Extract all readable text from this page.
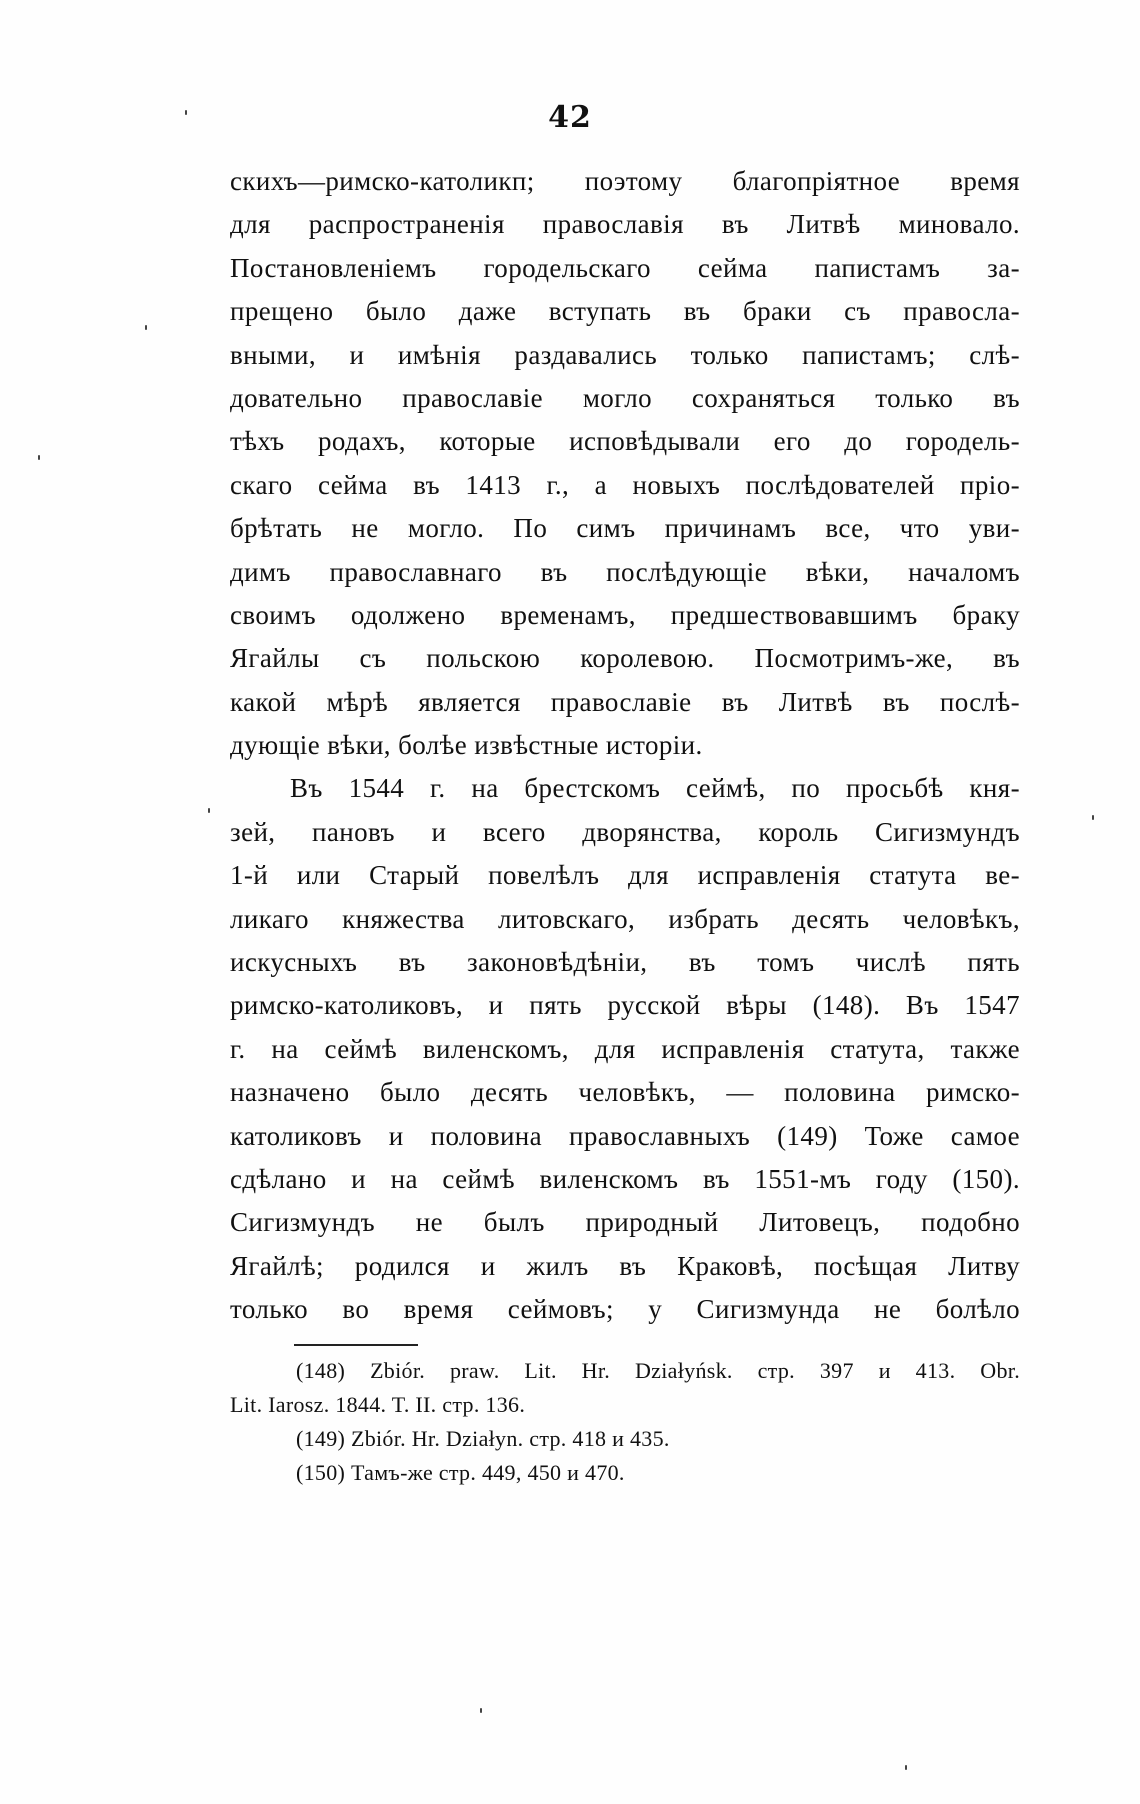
42
скихъ—римско-католикп; поэтому благопріятное время
для распространенія православія въ Литвѣ миновало.
Постановленіемъ городельскаго сейма папистамъ за-
прещено было даже вступать въ браки съ правосла-
вными, и имѣнія раздавались только папистамъ; слѣ-
довательно православіе могло сохраняться только въ
тѣхъ родахъ, которые исповѣдывали его до городель-
скаго сейма въ 1413 г., а новыхъ послѣдователей пріо-
брѣтать не могло. По симъ причинамъ все, что уви-
димъ православнаго въ послѣдующіе вѣки, началомъ
своимъ одолжено временамъ, предшествовавшимъ браку
Ягайлы съ польскою королевою. Посмотримъ-же, въ
какой мѣрѣ является православіе въ Литвѣ въ послѣ-
дующіе вѣки, болѣе извѣстные исторіи.
Въ 1544 г. на брестскомъ сеймѣ, по просьбѣ кня-
зей, пановъ и всего дворянства, король Сигизмундъ
1-й или Старый повелѣлъ для исправленія статута ве-
ликаго княжества литовскаго, избрать десять человѣкъ,
искусныхъ въ законовѣдѣніи, въ томъ числѣ пять
римско-католиковъ, и пять русской вѣры (148). Въ 1547
г. на сеймѣ виленскомъ, для исправленія статута, также
назначено было десять человѣкъ, — половина римско-
католиковъ и половина православныхъ (149) Тоже самое
сдѣлано и на сеймѣ виленскомъ въ 1551-мъ году (150).
Сигизмундъ не былъ природный Литовецъ, подобно
Ягайлѣ; родился и жилъ въ Краковѣ, посѣщая Литву
только во время сеймовъ; у Сигизмунда не болѣло
(148) Zbiór. praw. Lit. Hr. Działyńsk. стр. 397 и 413. Obr.
Lit. Iarosz. 1844. T. II. стр. 136.
(149) Zbiór. Hr. Działyn. стр. 418 и 435.
(150) Тамъ-же стр. 449, 450 и 470.
